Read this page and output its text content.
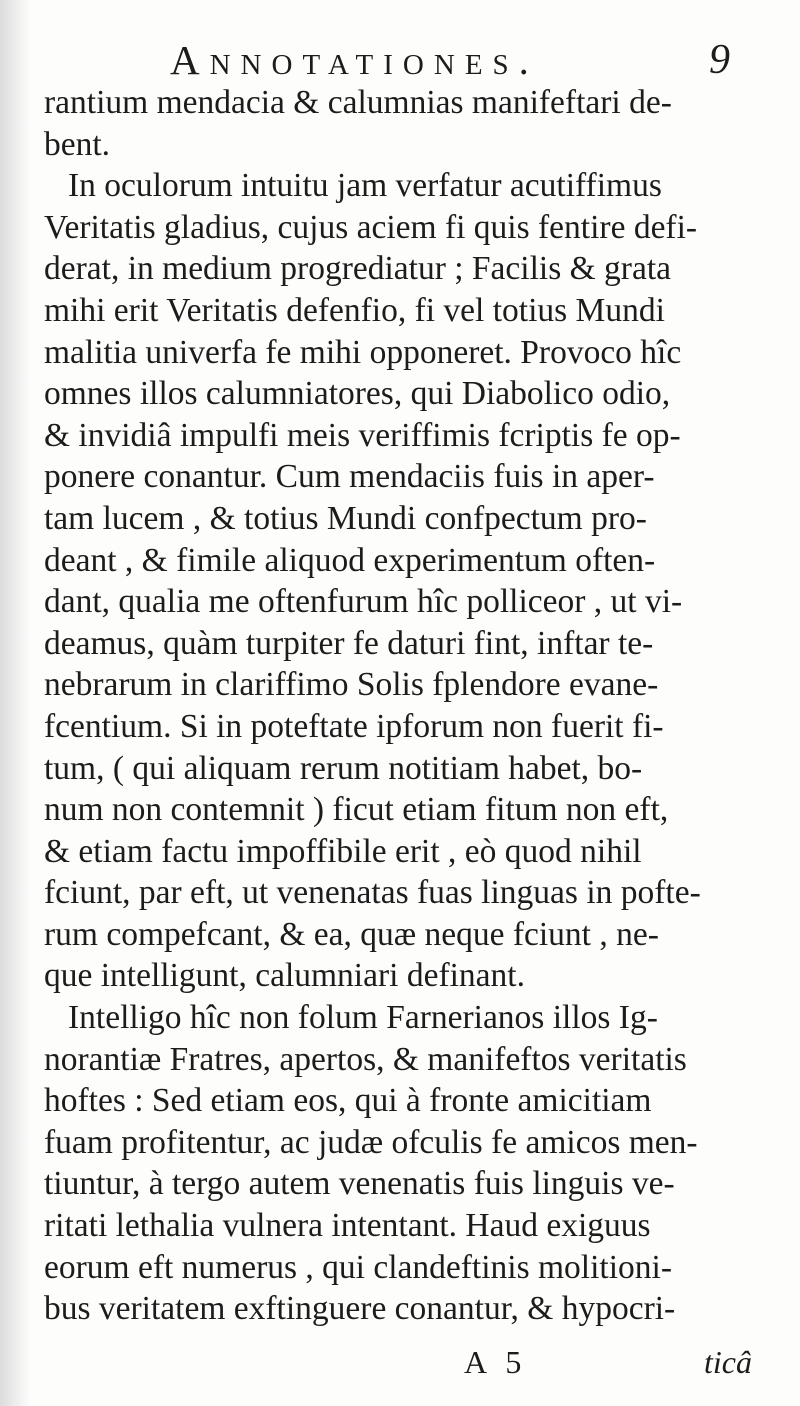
Annotationes.	9
rantium mendacia & calumnias manifeftari de-
bent.
In oculorum intuitu jam verfatur acutiffimus
Veritatis gladius, cujus aciem fi quis fentire defi-
derat, in medium progrediatur ; Facilis & grata
mihi erit Veritatis defenfio, fi vel totius Mundi
malitia univerfa fe mihi opponeret. Provoco hîc
omnes illos calumniatores, qui Diabolico odio,
& invidiâ impulfi meis veriffimis fcriptis fe op-
ponere conantur. Cum mendaciis fuis in aper-
tam lucem , & totius Mundi confpectum pro-
deant , & fimile aliquod experimentum often-
dant, qualia me oftenfurum hîc polliceor , ut vi-
deamus, quàm turpiter fe daturi fint, inftar te-
nebrarum in clariffimo Solis fplendore evane-
fcentium. Si in poteftate ipforum non fuerit fi-
tum, ( qui aliquam rerum notitiam habet, bo-
num non contemnit ) ficut etiam fitum non eft,
& etiam factu impoffibile erit , eò quod nihil
fciunt, par eft, ut venenatas fuas linguas in pofte-
rum compefcant, & ea, quæ neque fciunt , ne-
que intelligunt, calumniari definant.
Intelligo hîc non folum Farnerianos illos Ig-
norantiæ Fratres, apertos, & manifeftos veritatis
hoftes : Sed etiam eos, qui à fronte amicitiam
fuam profitentur, ac judæ ofculis fe amicos men-
tiuntur, à tergo autem venenatis fuis linguis ve-
ritati lethalia vulnera intentant. Haud exiguus
eorum eft numerus , qui clandeftinis molitioni-
bus veritatem exftinguere conantur, & hypocri-
A 5	ticâ
